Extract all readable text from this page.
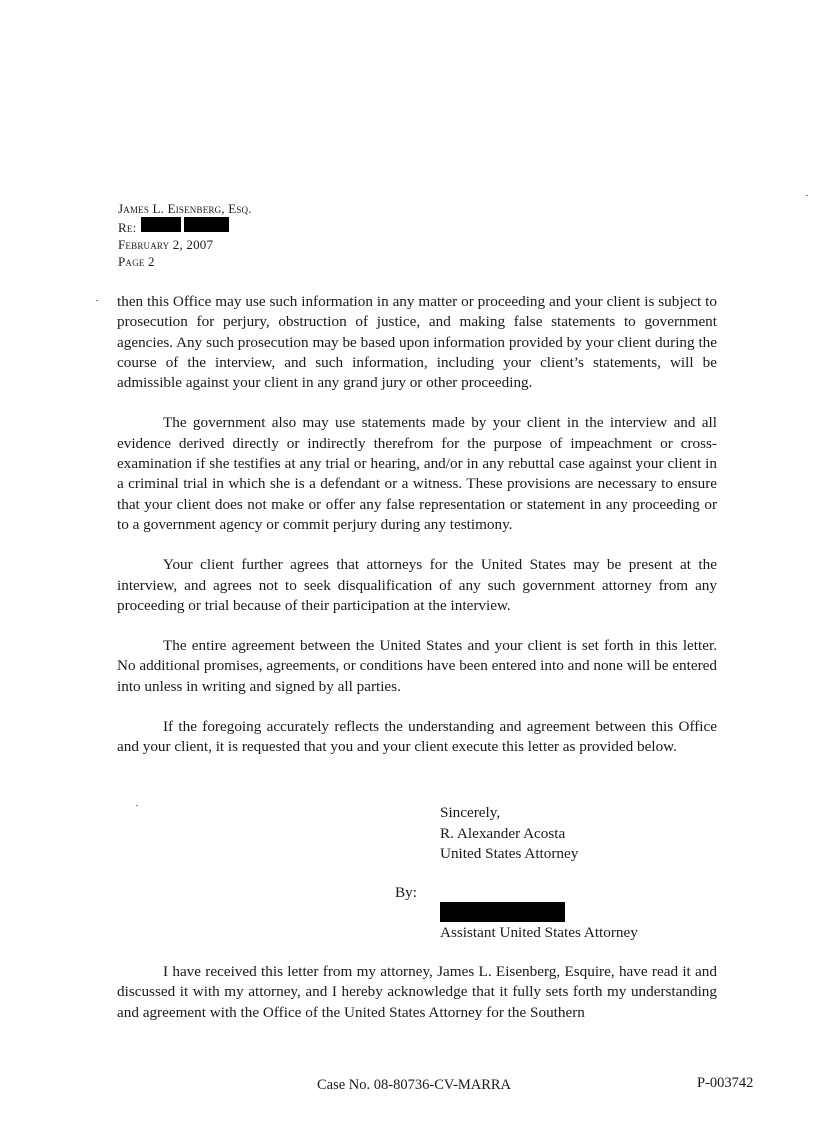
James L. Eisenberg, Esq.
Re:
February 2, 2007
Page 2

then this Office may use such information in any matter or proceeding and your client is subject to prosecution for perjury, obstruction of justice, and making false statements to government agencies. Any such prosecution may be based upon information provided by your client during the course of the interview, and such information, including your client’s statements, will be admissible against your client in any grand jury or other proceeding.

The government also may use statements made by your client in the interview and all evidence derived directly or indirectly therefrom for the purpose of impeachment or cross-examination if she testifies at any trial or hearing, and/or in any rebuttal case against your client in a criminal trial in which she is a defendant or a witness. These provisions are necessary to ensure that your client does not make or offer any false representation or statement in any proceeding or to a government agency or commit perjury during any testimony.

Your client further agrees that attorneys for the United States may be present at the interview, and agrees not to seek disqualification of any such government attorney from any proceeding or trial because of their participation at the interview.

The entire agreement between the United States and your client is set forth in this letter. No additional promises, agreements, or conditions have been entered into and none will be entered into unless in writing and signed by all parties.

If the foregoing accurately reflects the understanding and agreement between this Office and your client, it is requested that you and your client execute this letter as provided below.

Sincerely,
R. Alexander Acosta
United States Attorney
By:
Assistant United States Attorney

I have received this letter from my attorney, James L. Eisenberg, Esquire, have read it and discussed it with my attorney, and I hereby acknowledge that it fully sets forth my understanding and agreement with the Office of the United States Attorney for the Southern

Case No. 08-80736-CV-MARRA	P-003742
